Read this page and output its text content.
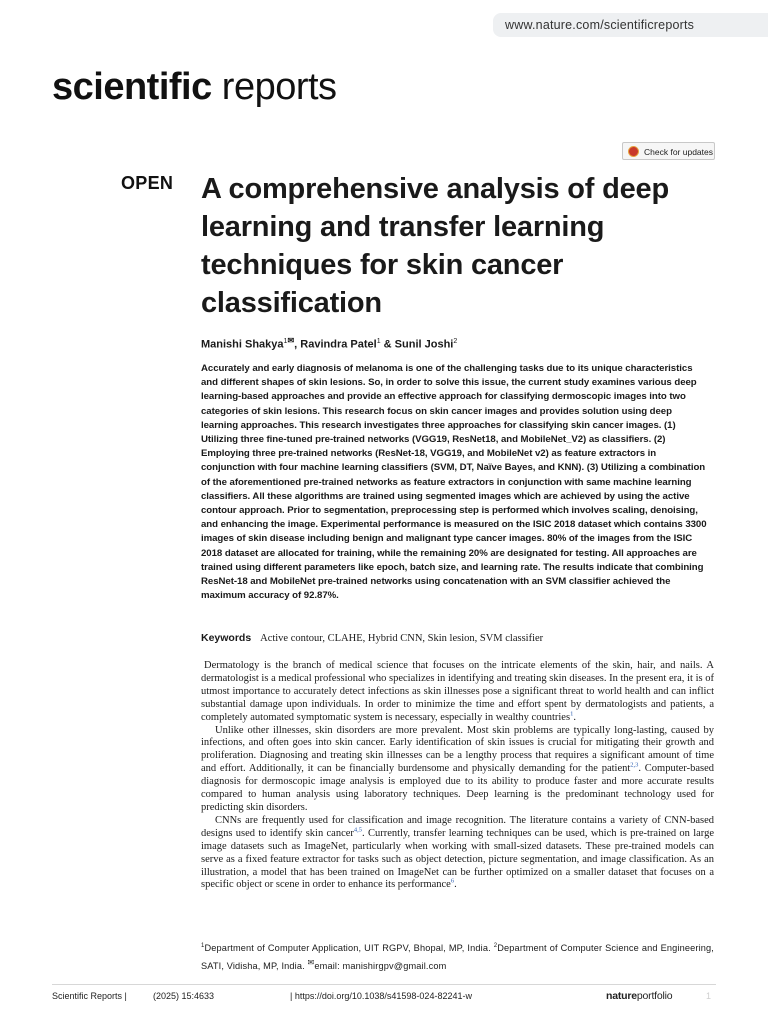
www.nature.com/scientificreports
scientific reports
Check for updates
OPEN A comprehensive analysis of deep learning and transfer learning techniques for skin cancer classification
Manishi Shakya$^{1✉}$, Ravindra Patel$^1$ & Sunil Joshi$^2$
Accurately and early diagnosis of melanoma is one of the challenging tasks due to its unique characteristics and different shapes of skin lesions. So, in order to solve this issue, the current study examines various deep learning-based approaches and provide an effective approach for classifying dermoscopic images into two categories of skin lesions. This research focus on skin cancer images and provides solution using deep learning approaches. This research investigates three approaches for classifying skin cancer images. (1) Utilizing three fine-tuned pre-trained networks (VGG19, ResNet18, and MobileNet_V2) as classifiers. (2) Employing three pre-trained networks (ResNet-18, VGG19, and MobileNet v2) as feature extractors in conjunction with four machine learning classifiers (SVM, DT, Naïve Bayes, and KNN). (3) Utilizing a combination of the aforementioned pre-trained networks as feature extractors in conjunction with same machine learning classifiers. All these algorithms are trained using segmented images which are achieved by using the active contour approach. Prior to segmentation, preprocessing step is performed which involves scaling, denoising, and enhancing the image. Experimental performance is measured on the ISIC 2018 dataset which contains 3300 images of skin disease including benign and malignant type cancer images. 80% of the images from the ISIC 2018 dataset are allocated for training, while the remaining 20% are designated for testing. All approaches are trained using different parameters like epoch, batch size, and learning rate. The results indicate that combining ResNet-18 and MobileNet pre-trained networks using concatenation with an SVM classifier achieved the maximum accuracy of 92.87%.
Keywords Active contour, CLAHE, Hybrid CNN, Skin lesion, SVM classifier

Dermatology is the branch of medical science that focuses on the intricate elements of the skin, hair, and nails. A dermatologist is a medical professional who specializes in identifying and treating skin diseases. In the present era, it is of utmost importance to accurately detect infections as skin illnesses pose a significant threat to world health and can inflict substantial damage upon individuals. In order to minimize the time and effort spent by dermatologists and patients, a completely automated symptomatic system is necessary, especially in wealthy countries$^1$.

Unlike other illnesses, skin disorders are more prevalent. Most skin problems are typically long-lasting, caused by infections, and often goes into skin cancer. Early identification of skin issues is crucial for mitigating their growth and proliferation. Diagnosing and treating skin illnesses can be a lengthy process that requires a significant amount of time and effort. Additionally, it can be financially burdensome and physically demanding for the patient$^{2,3}$. Computer-based diagnosis for dermoscopic image analysis is employed due to its ability to produce faster and more accurate results compared to human analysis using laboratory techniques. Deep learning is the predominant technology used for predicting skin disorders.

CNNs are frequently used for classification and image recognition. The literature contains a variety of CNN-based designs used to identify skin cancer$^{4,5}$. Currently, transfer learning techniques can be used, which is pre-trained on large image datasets such as ImageNet, particularly when working with small-sized datasets. These pre-trained models can serve as a fixed feature extractor for tasks such as object detection, picture segmentation, and image classification. As an illustration, a model that has been trained on ImageNet can be further optimized on a smaller dataset that focuses on a specific object or scene in order to enhance its performance$^6$.

$^1$Department of Computer Application, UIT RGPV, Bhopal, MP, India. $^2$Department of Computer Science and Engineering, SATI, Vidisha, MP, India. ✉email: manishirgpv@gmail.com
Scientific Reports |	(2025) 15:4633	| https://doi.org/10.1038/s41598-024-82241-w	natureportfolio	1
